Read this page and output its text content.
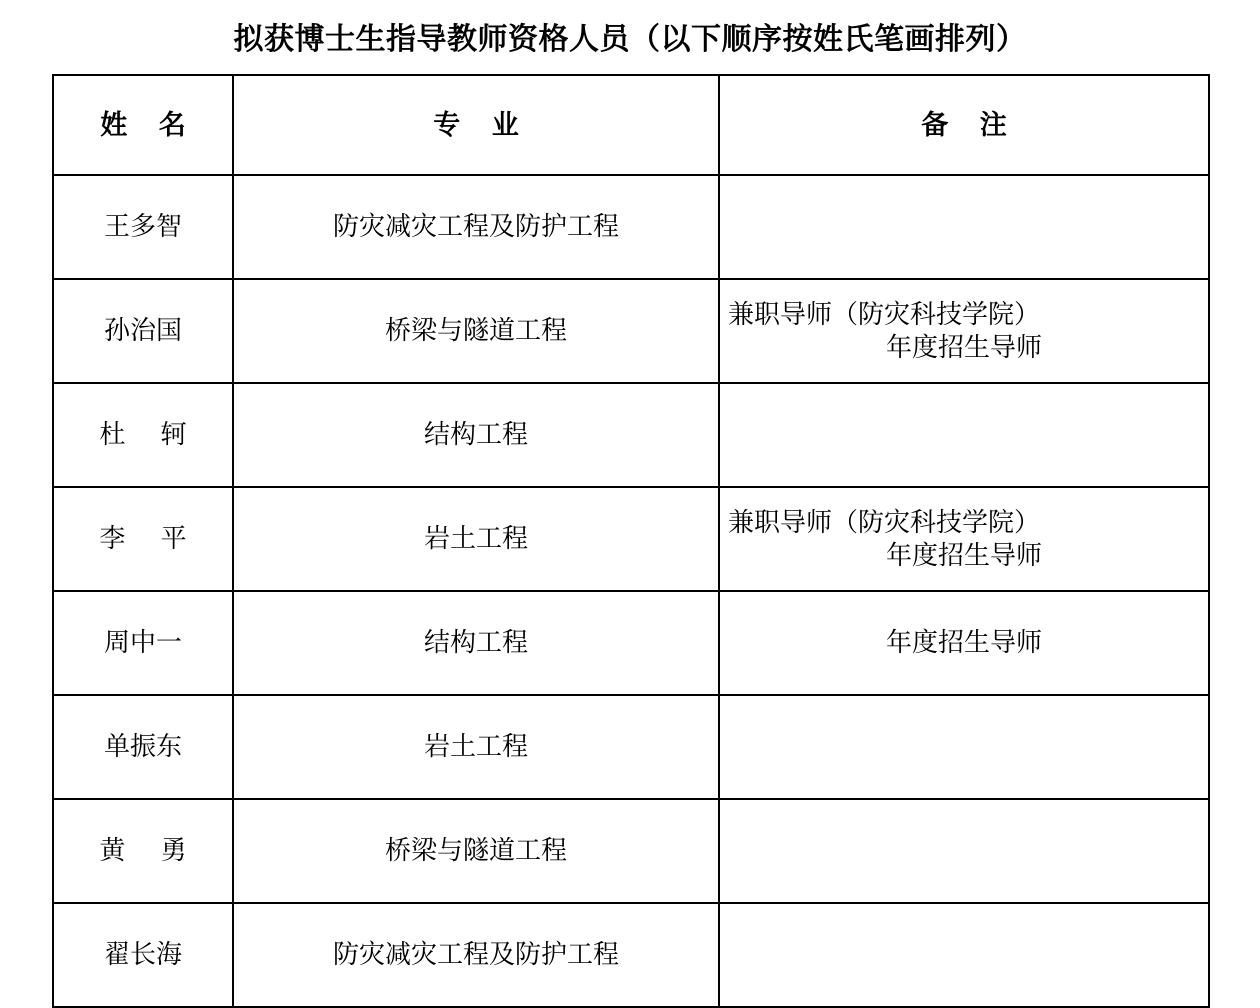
拟获博士生指导教师资格人员（以下顺序按姓氏笔画排列）
姓 名	专 业	备 注
王多智	防灾减灾工程及防护工程	
孙治国	桥梁与隧道工程	兼职导师（防灾科技学院）
年度招生导师

杜 轲	结构工程	
李 平	岩土工程	兼职导师（防灾科技学院）
年度招生导师

周中一	结构工程	年度招生导师

单振东	岩土工程	
黄 勇	桥梁与隧道工程	
翟长海	防灾减灾工程及防护工程	
